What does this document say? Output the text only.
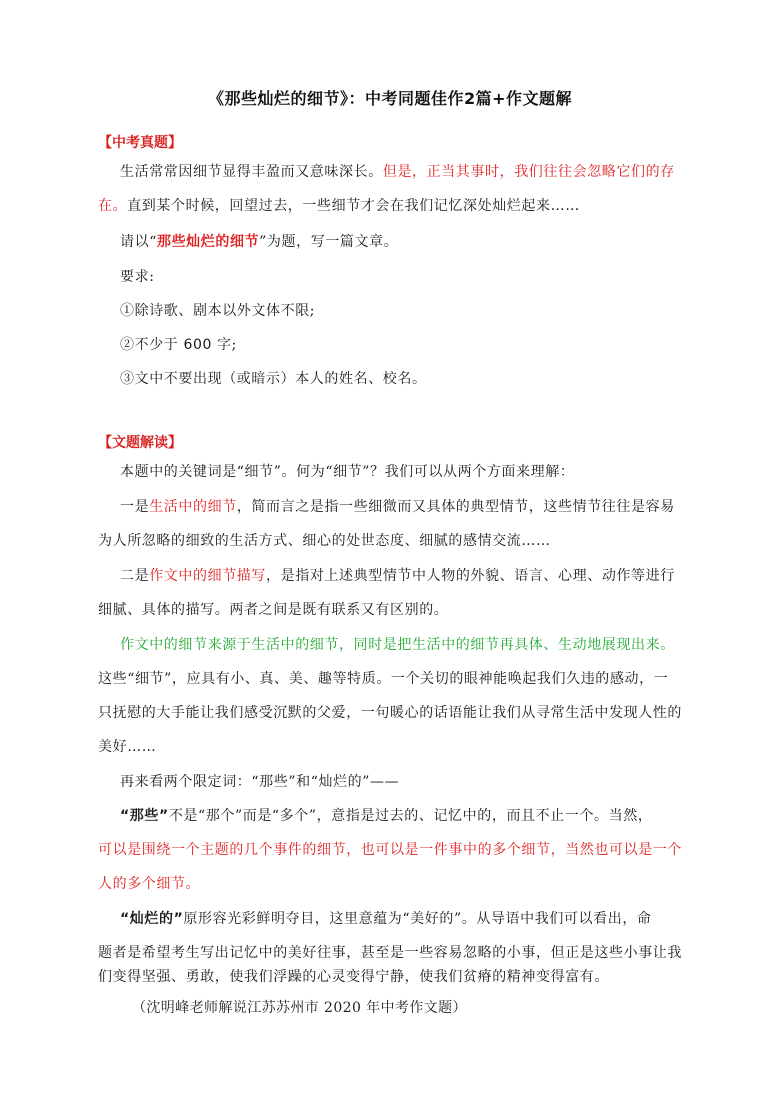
《那些灿烂的细节》：中考同题佳作2篇+作文题解
【中考真题】
生活常常因细节显得丰盈而又意味深长。但是，正当其事时，我们往往会忽略它们的存
在。直到某个时候，回望过去，一些细节才会在我们记忆深处灿烂起来……
请以“那些灿烂的细节”为题，写一篇文章。
要求:
①除诗歌、剧本以外文体不限;
②不少于 600 字;
③文中不要出现（或暗示）本人的姓名、校名。
【文题解读】
本题中的关键词是“细节”。何为“细节”？我们可以从两个方面来理解：
一是生活中的细节，简而言之是指一些细微而又具体的典型情节，这些情节往往是容易
为人所忽略的细致的生活方式、细心的处世态度、细腻的感情交流……
二是作文中的细节描写，是指对上述典型情节中人物的外貌、语言、心理、动作等进行
细腻、具体的描写。两者之间是既有联系又有区别的。
作文中的细节来源于生活中的细节，同时是把生活中的细节再具体、生动地展现出来。
这些“细节”，应具有小、真、美、趣等特质。一个关切的眼神能唤起我们久违的感动，一
只抚慰的大手能让我们感受沉默的父爱，一句暖心的话语能让我们从寻常生活中发现人性的
美好……
再来看两个限定词：“那些”和“灿烂的”——
“那些”不是“那个”而是“多个”，意指是过去的、记忆中的，而且不止一个。当然，
可以是围绕一个主题的几个事件的细节，也可以是一件事中的多个细节，当然也可以是一个
人的多个细节。
“灿烂的”原形容光彩鲜明夺目，这里意蕴为“美好的”。从导语中我们可以看出，命
题者是希望考生写出记忆中的美好往事，甚至是一些容易忽略的小事，但正是这些小事让我
们变得坚强、勇敢，使我们浮躁的心灵变得宁静，使我们贫瘠的精神变得富有。
（沈明峰老师解说江苏苏州市 2020 年中考作文题）
